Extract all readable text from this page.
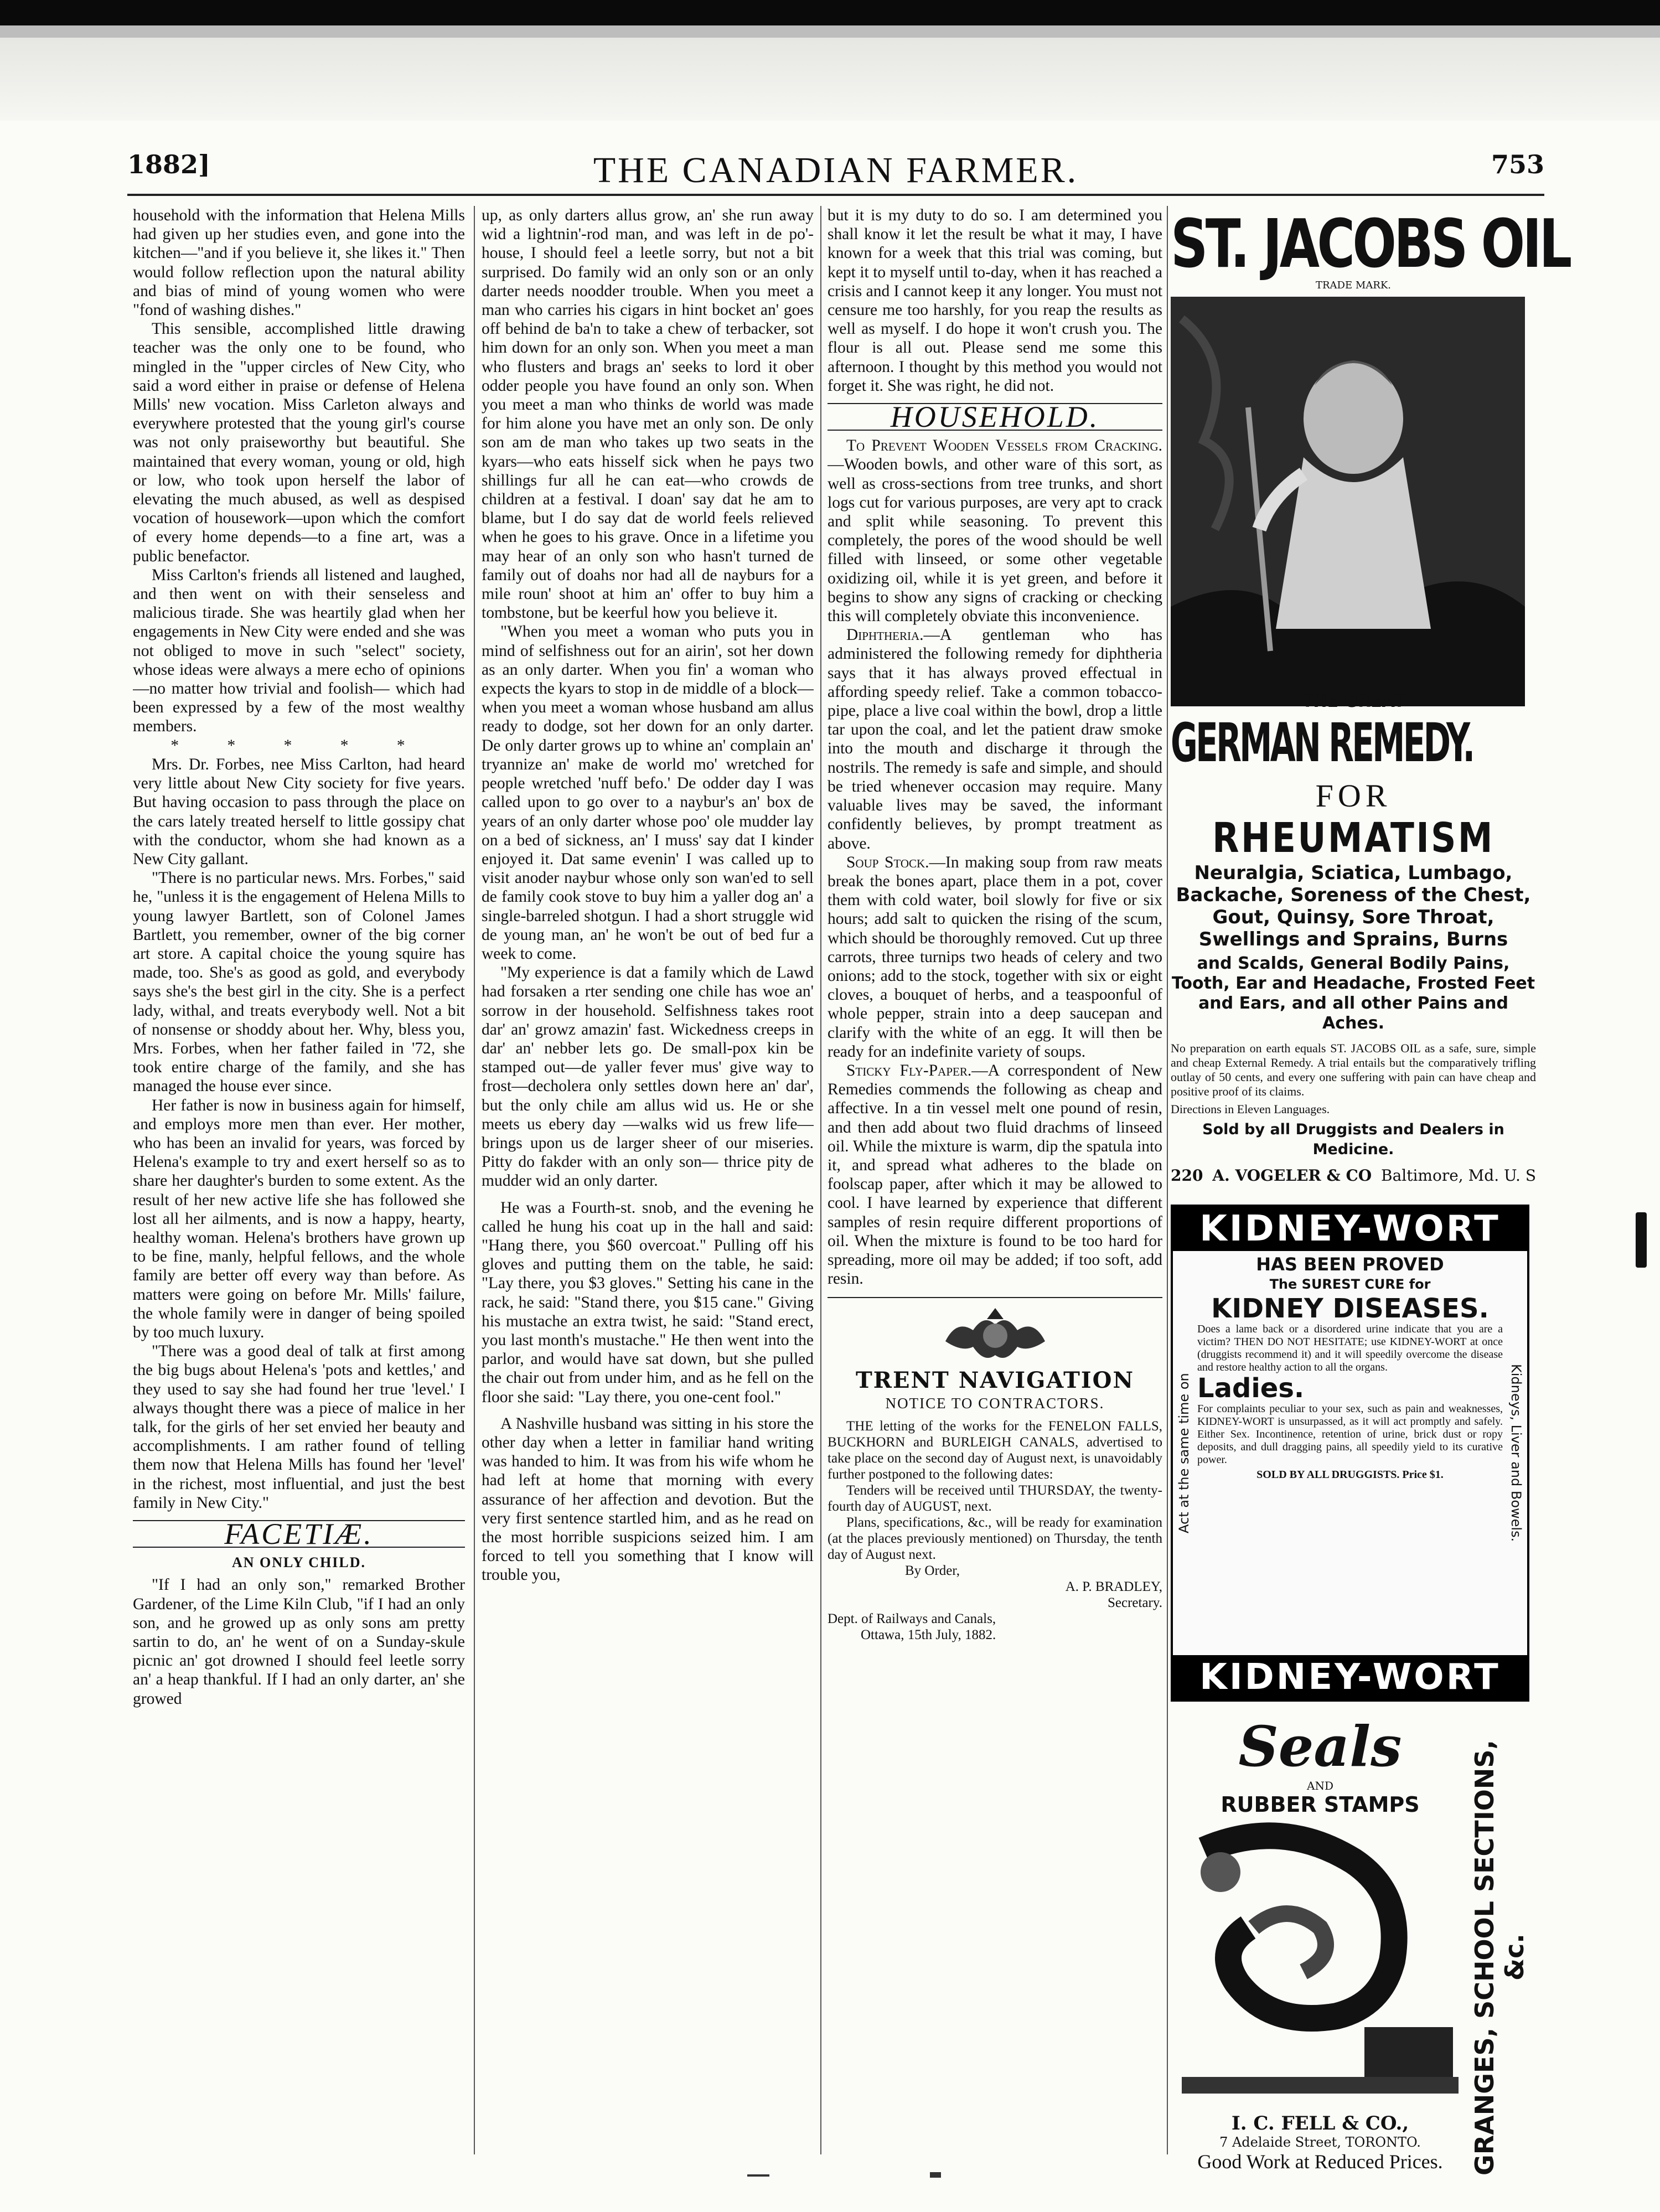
1882]	THE CANADIAN FARMER.	753

household with the information that Helena Mills had given up her studies even, and gone into the kitchen—"and if you believe it, she likes it." Then would follow reflection upon the natural ability and bias of mind of young women who were "fond of washing dishes."

This sensible, accomplished little drawing teacher was the only one to be found, who mingled in the "upper circles of New City, who said a word either in praise or defense of Helena Mills' new vocation. Miss Carleton always and everywhere protested that the young girl's course was not only praiseworthy but beautiful. She maintained that every woman, young or old, high or low, who took upon herself the labor of elevating the much abused, as well as despised vocation of housework—upon which the comfort of every home depends—to a fine art, was a public benefactor.

Miss Carlton's friends all listened and laughed, and then went on with their senseless and malicious tirade. She was heartily glad when her engagements in New City were ended and she was not obliged to move in such "select" society, whose ideas were always a mere echo of opinions —no matter how trivial and foolish— which had been expressed by a few of the most wealthy members.

* * * * *

Mrs. Dr. Forbes, nee Miss Carlton, had heard very little about New City society for five years. But having occasion to pass through the place on the cars lately treated herself to little gossipy chat with the conductor, whom she had known as a New City gallant.

"There is no particular news. Mrs. Forbes," said he, "unless it is the engagement of Helena Mills to young lawyer Bartlett, son of Colonel James Bartlett, you remember, owner of the big corner art store. A capital choice the young squire has made, too. She's as good as gold, and everybody says she's the best girl in the city. She is a perfect lady, withal, and treats everybody well. Not a bit of nonsense or shoddy about her. Why, bless you, Mrs. Forbes, when her father failed in '72, she took entire charge of the family, and she has managed the house ever since.

Her father is now in business again for himself, and employs more men than ever. Her mother, who has been an invalid for years, was forced by Helena's example to try and exert herself so as to share her daughter's burden to some extent. As the result of her new active life she has followed she lost all her ailments, and is now a happy, hearty, healthy woman. Helena's brothers have grown up to be fine, manly, helpful fellows, and the whole family are better off every way than before. As matters were going on before Mr. Mills' failure, the whole family were in danger of being spoiled by too much luxury.

"There was a good deal of talk at first among the big bugs about Helena's 'pots and kettles,' and they used to say she had found her true 'level.' I always thought there was a piece of malice in her talk, for the girls of her set envied her beauty and accomplishments. I am rather found of telling them now that Helena Mills has found her 'level' in the richest, most influential, and just the best family in New City."

FACETIÆ.
AN ONLY CHILD.

"If I had an only son," remarked Brother Gardener, of the Lime Kiln Club, "if I had an only son, and he growed up as only sons am pretty sartin to do, an' he went of on a Sunday-skule picnic an' got drowned I should feel leetle sorry an' a heap thankful. If I had an only darter, an' she growed

up, as only darters allus grow, an' she run away wid a lightnin'-rod man, and was left in de po'-house, I should feel a leetle sorry, but not a bit surprised. Do family wid an only son or an only darter needs noodder trouble. When you meet a man who carries his cigars in hint bocket an' goes off behind de ba'n to take a chew of terbacker, sot him down for an only son. When you meet a man who flusters and brags an' seeks to lord it ober odder people you have found an only son. When you meet a man who thinks de world was made for him alone you have met an only son. De only son am de man who takes up two seats in the kyars—who eats hisself sick when he pays two shillings fur all he can eat—who crowds de children at a festival. I doan' say dat he am to blame, but I do say dat de world feels relieved when he goes to his grave. Once in a lifetime you may hear of an only son who hasn't turned de family out of doahs nor had all de nayburs for a mile roun' shoot at him an' offer to buy him a tombstone, but be keerful how you believe it.

"When you meet a woman who puts you in mind of selfishness out for an airin', sot her down as an only darter. When you fin' a woman who expects the kyars to stop in de middle of a block—when you meet a woman whose husband am allus ready to dodge, sot her down for an only darter. De only darter grows up to whine an' complain an' tryannize an' make de world mo' wretched for people wretched 'nuff befo.' De odder day I was called upon to go over to a naybur's an' box de years of an only darter whose poo' ole mudder lay on a bed of sickness, an' I muss' say dat I kinder enjoyed it. Dat same evenin' I was called up to visit anoder naybur whose only son wan'ed to sell de family cook stove to buy him a yaller dog an' a single-barreled shotgun. I had a short struggle wid de young man, an' he won't be out of bed fur a week to come.

"My experience is dat a family which de Lawd had forsaken a rter sending one chile has woe an' sorrow in der household. Selfishness takes root dar' an' growz amazin' fast. Wickedness creeps in dar' an' nebber lets go. De small-pox kin be stamped out—de yaller fever mus' give way to frost—decholera only settles down here an' dar', but the only chile am allus wid us. He or she meets us ebery day —walks wid us frew life—brings upon us de larger sheer of our miseries. Pitty do fakder with an only son— thrice pity de mudder wid an only darter.

He was a Fourth-st. snob, and the evening he called he hung his coat up in the hall and said: "Hang there, you $60 overcoat." Pulling off his gloves and putting them on the table, he said: "Lay there, you $3 gloves." Setting his cane in the rack, he said: "Stand there, you $15 cane." Giving his mustache an extra twist, he said: "Stand erect, you last month's mustache." He then went into the parlor, and would have sat down, but she pulled the chair out from under him, and as he fell on the floor she said: "Lay there, you one-cent fool."

A Nashville husband was sitting in his store the other day when a letter in familiar hand writing was handed to him. It was from his wife whom he had left at home that morning with every assurance of her affection and devotion. But the very first sentence startled him, and as he read on the most horrible suspicions seized him. I am forced to tell you something that I know will trouble you,

but it is my duty to do so. I am determined you shall know it let the result be what it may, I have known for a week that this trial was coming, but kept it to myself until to-day, when it has reached a crisis and I cannot keep it any longer. You must not censure me too harshly, for you reap the results as well as myself. I do hope it won't crush you. The flour is all out. Please send me some this afternoon. I thought by this method you would not forget it. She was right, he did not.

HOUSEHOLD.

To Prevent Wooden Vessels from Cracking.—Wooden bowls, and other ware of this sort, as well as cross-sections from tree trunks, and short logs cut for various purposes, are very apt to crack and split while seasoning. To prevent this completely, the pores of the wood should be well filled with linseed, or some other vegetable oxidizing oil, while it is yet green, and before it begins to show any signs of cracking or checking this will completely obviate this inconvenience.

Diphtheria.—A gentleman who has administered the following remedy for diphtheria says that it has always proved effectual in affording speedy relief. Take a common tobacco-pipe, place a live coal within the bowl, drop a little tar upon the coal, and let the patient draw smoke into the mouth and discharge it through the nostrils. The remedy is safe and simple, and should be tried whenever occasion may require. Many valuable lives may be saved, the informant confidently believes, by prompt treatment as above.

Soup Stock.—In making soup from raw meats break the bones apart, place them in a pot, cover them with cold water, boil slowly for five or six hours; add salt to quicken the rising of the scum, which should be thoroughly removed. Cut up three carrots, three turnips two heads of celery and two onions; add to the stock, together with six or eight cloves, a bouquet of herbs, and a teaspoonful of whole pepper, strain into a deep saucepan and clarify with the white of an egg. It will then be ready for an indefinite variety of soups.

Sticky Fly-Paper.—A correspondent of New Remedies commends the following as cheap and affective. In a tin vessel melt one pound of resin, and then add about two fluid drachms of linseed oil. While the mixture is warm, dip the spatula into it, and spread what adheres to the blade on foolscap paper, after which it may be allowed to cool. I have learned by experience that different samples of resin require different proportions of oil. When the mixture is found to be too hard for spreading, more oil may be added; if too soft, add resin.

TRENT NAVIGATION
NOTICE TO CONTRACTORS.

THE letting of the works for the FENELON FALLS, BUCKHORN and BURLEIGH CANALS, advertised to take place on the second day of August next, is unavoidably further postponed to the following dates:

Tenders will be received until THURSDAY, the twenty-fourth day of AUGUST, next.

Plans, specifications, &c., will be ready for examination (at the places previously mentioned) on Thursday, the tenth day of August next.

By Order,
A. P. BRADLEY,
Secretary.
Dept. of Railways and Canals,
Ottawa, 15th July, 1882.
ST. JACOBS OIL
TRADE MARK.
THE GREAT
GERMAN REMEDY.
FOR
RHEUMATISM
Neuralgia, Sciatica, Lumbago, Backache, Soreness of the Chest, Gout, Quinsy, Sore Throat, Swellings and Sprains, Burns
and Scalds, General Bodily Pains, Tooth, Ear and Headache, Frosted Feet and Ears, and all other Pains and Aches.
No preparation on earth equals ST. JACOBS OIL as a safe, sure, simple and cheap External Remedy. A trial entails but the comparatively trifling outlay of 50 cents, and every one suffering with pain can have cheap and positive proof of its claims.
Directions in Eleven Languages.
Sold by all Druggists and Dealers in Medicine.
220 A. VOGELER & CO Baltimore, Md. U. S
KIDNEY-WORT
Act at the same time on	Kidneys, Liver and Bowels.
HAS BEEN PROVED
The SUREST CURE for
KIDNEY DISEASES.
Does a lame back or a disordered urine indicate that you are a victim? THEN DO NOT HESITATE; use KIDNEY-WORT at once (druggists recommend it) and it will speedily overcome the disease and restore healthy action to all the organs.
Ladies.
For complaints peculiar to your sex, such as pain and weaknesses, KIDNEY-WORT is unsurpassed, as it will act promptly and safely. Either Sex. Incontinence, retention of urine, brick dust or ropy deposits, and dull dragging pains, all speedily yield to its curative power.
SOLD BY ALL DRUGGISTS. Price $1.
KIDNEY-WORT
GRANGES, SCHOOL SECTIONS, &c.
Seals
AND
RUBBER STAMPS
I. C. FELL & CO.,
7 Adelaide Street, TORONTO.
Good Work at Reduced Prices.
